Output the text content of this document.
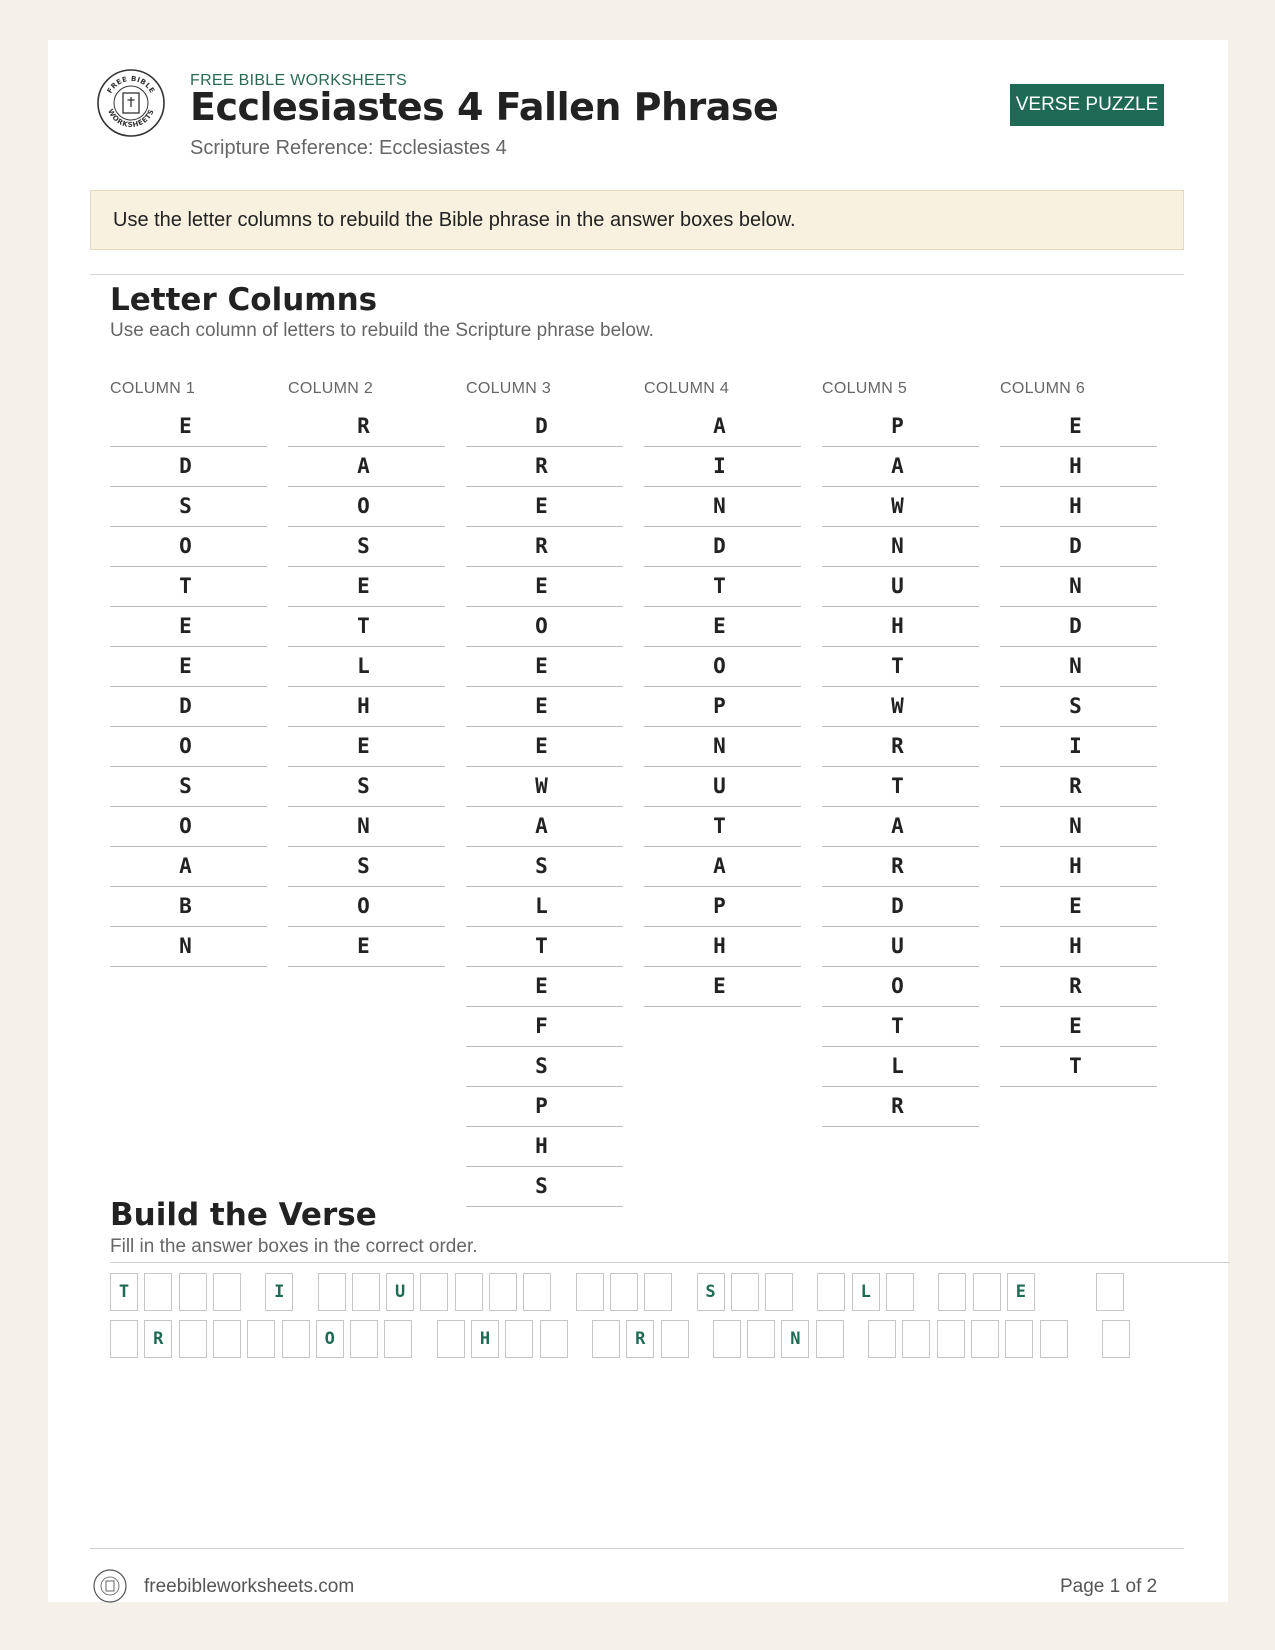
FREE BIBLE
WORKSHEETS
FREE BIBLE WORKSHEETS
Ecclesiastes 4 Fallen Phrase
Scripture Reference: Ecclesiastes 4
VERSE PUZZLE
Use the letter columns to rebuild the Bible phrase in the answer boxes below.
Letter Columns
Use each column of letters to rebuild the Scripture phrase below.
COLUMN 1
E
D
S
O
T
E
E
D
O
S
O
A
B
N
COLUMN 2
R
A
O
S
E
T
L
H
E
S
N
S
O
E
COLUMN 3
D
R
E
R
E
O
E
E
E
W
A
S
L
T
E
F
S
P
H
S
COLUMN 4
A
I
N
D
T
E
O
P
N
U
T
A
P
H
E
COLUMN 5
P
A
W
N
U
H
T
W
R
T
A
R
D
U
O
T
L
R
COLUMN 6
E
H
H
D
N
D
N
S
I
R
N
H
E
H
R
E
T
Build the Verse
Fill in the answer boxes in the correct order.
T	I	U	S	L	E
R	O	H	R	N
freebibleworksheets.com	Page 1 of 2
